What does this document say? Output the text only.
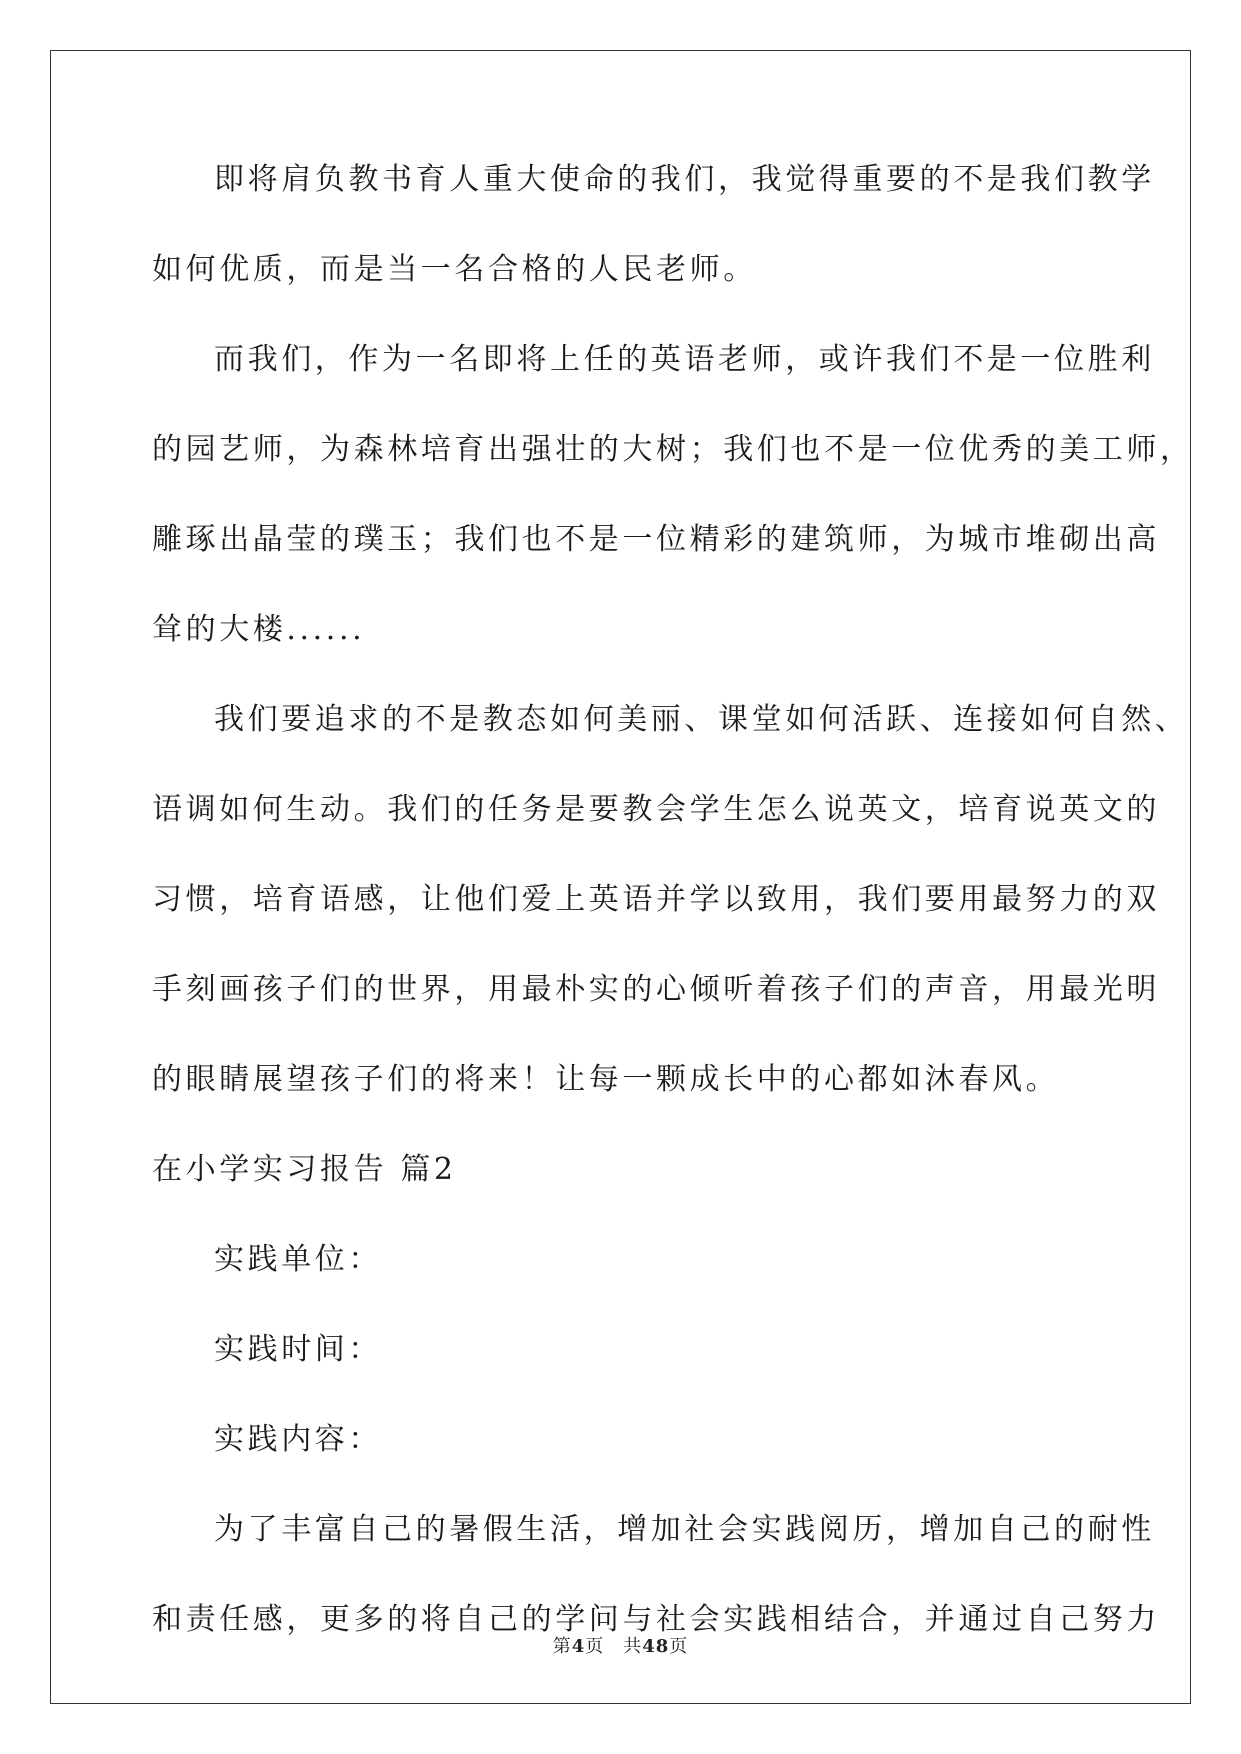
即将肩负教书育人重大使命的我们，我觉得重要的不是我们教学
如何优质，而是当一名合格的人民老师。
而我们，作为一名即将上任的英语老师，或许我们不是一位胜利
的园艺师，为森林培育出强壮的大树；我们也不是一位优秀的美工师，
雕琢出晶莹的璞玉；我们也不是一位精彩的建筑师，为城市堆砌出高
耸的大楼......
我们要追求的不是教态如何美丽、课堂如何活跃、连接如何自然、
语调如何生动。我们的任务是要教会学生怎么说英文，培育说英文的
习惯，培育语感，让他们爱上英语并学以致用，我们要用最努力的双
手刻画孩子们的世界，用最朴实的心倾听着孩子们的声音，用最光明
的眼睛展望孩子们的将来！让每一颗成长中的心都如沐春风。
在小学实习报告 篇2
实践单位：
实践时间：
实践内容：
为了丰富自己的暑假生活，增加社会实践阅历，增加自己的耐性
和责任感，更多的将自己的学问与社会实践相结合，并通过自己努力
第4页　共48页
